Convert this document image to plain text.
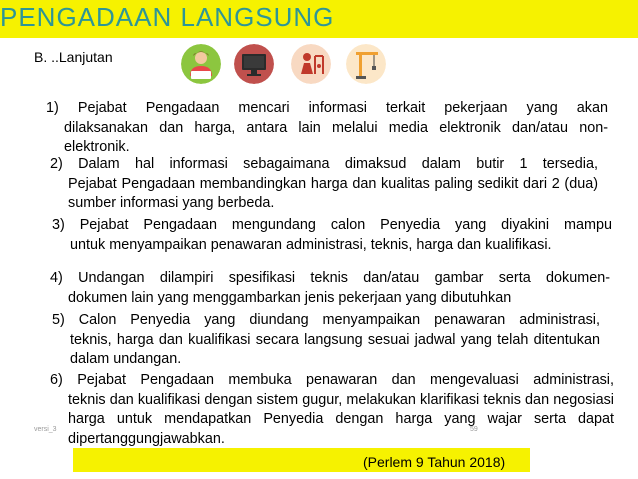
PENGADAAN LANGSUNG
B. ..Lanjutan
1) Pejabat Pengadaan mencari informasi terkait pekerjaan yang akan
dilaksanakan dan harga, antara lain melalui media elektronik dan/atau non-elektronik.
2) Dalam hal informasi sebagaimana dimaksud dalam butir 1 tersedia,
Pejabat Pengadaan membandingkan harga dan kualitas paling sedikit dari 2 (dua) sumber informasi yang berbeda.
3) Pejabat Pengadaan mengundang calon Penyedia yang diyakini mampu
untuk menyampaikan penawaran administrasi, teknis, harga dan kualifikasi.
4) Undangan dilampiri spesifikasi teknis dan/atau gambar serta dokumen-
dokumen lain yang menggambarkan jenis pekerjaan yang dibutuhkan
5) Calon Penyedia yang diundang menyampaikan penawaran administrasi,
teknis, harga dan kualifikasi secara langsung sesuai jadwal yang telah ditentukan dalam undangan.
6) Pejabat Pengadaan membuka penawaran dan mengevaluasi administrasi,
teknis dan kualifikasi dengan sistem gugur, melakukan klarifikasi teknis dan negosiasi harga untuk mendapatkan Penyedia dengan harga yang wajar serta dapat dipertanggungjawabkan.
versi_3	59
(Perlem 9 Tahun 2018)
